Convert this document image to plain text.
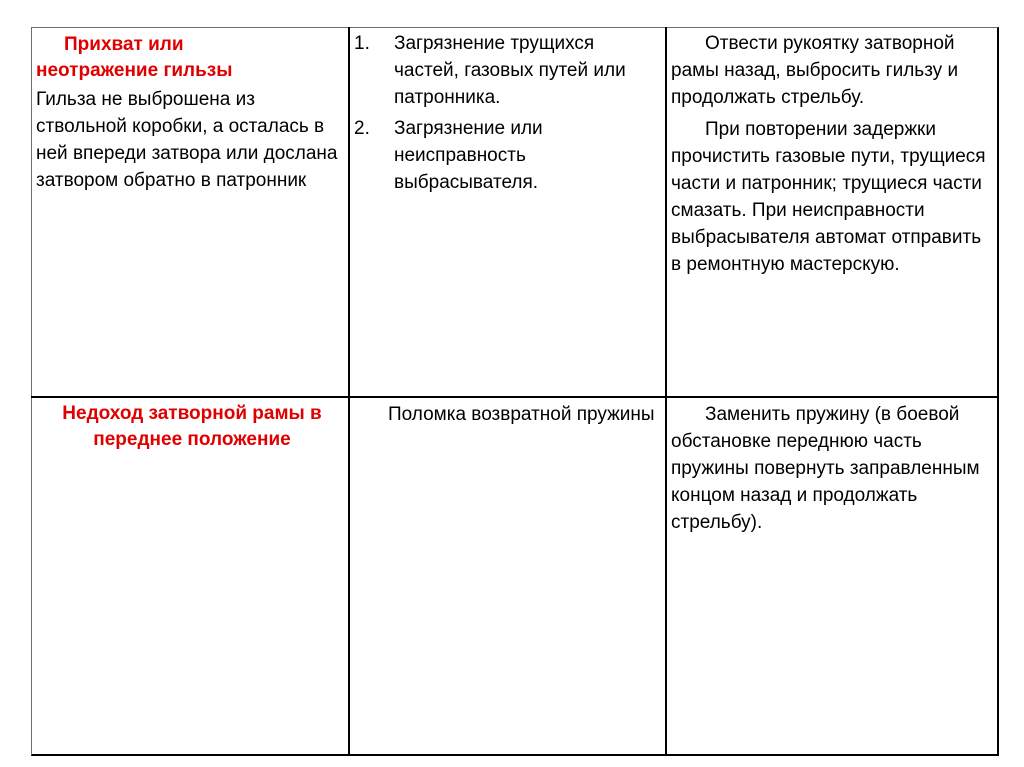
Прихват или
неотражение гильзы
Гильза не выброшена из ствольной коробки, а осталась в ней впереди затвора или дослана затвором обратно в патронник
1. Загрязнение трущихся частей, газовых путей или патронника.
2. Загрязнение или неисправность выбрасывателя.

Отвести рукоятку затворной рамы назад, выбросить гильзу и продолжать стрельбу.

При повторении задержки прочистить газовые пути, трущиеся части и патронник; трущиеся части смазать. При неисправности выбрасывателя автомат отправить в ремонтную мастерскую.

Недоход затворной рамы в переднее положение
Поломка возвратной пружины	Заменить пружину (в боевой обстановке переднюю часть пружины повернуть заправленным концом назад и продолжать стрельбу).
